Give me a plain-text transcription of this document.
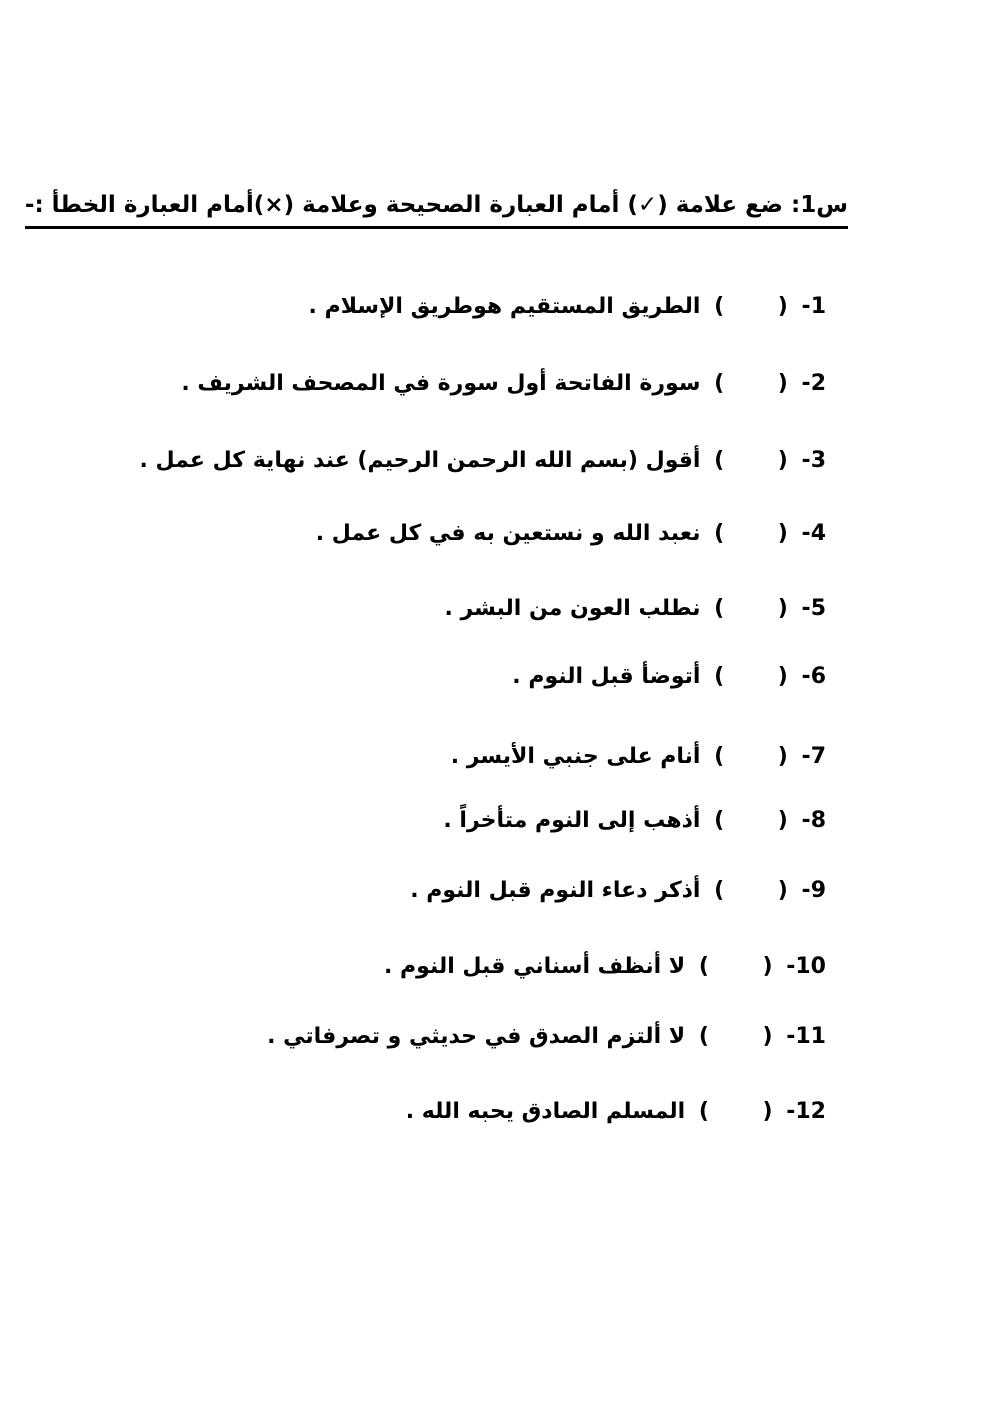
س1: ضع علامة (✓) أمام العبارة الصحيحة وعلامة (×)أمام العبارة الخطأ :-
1- (       ) الطريق المستقيم هوطريق الإسلام .
2- (       ) سورة الفاتحة أول سورة في المصحف الشريف .
3- (       ) أقول (بسم الله الرحمن الرحيم) عند نهاية كل عمل .
4- (       ) نعبد الله و نستعين به في كل عمل .
5- (       ) نطلب العون من البشر .
6- (       ) أتوضأ قبل النوم .
7- (       ) أنام على جنبي الأيسر .
8- (       ) أذهب إلى النوم متأخراً .
9- (       ) أذكر دعاء النوم قبل النوم .
10- (       ) لا أنظف أسناني قبل النوم .
11- (       ) لا ألتزم الصدق في حديثي و تصرفاتي .
12- (       ) المسلم الصادق يحبه الله .
